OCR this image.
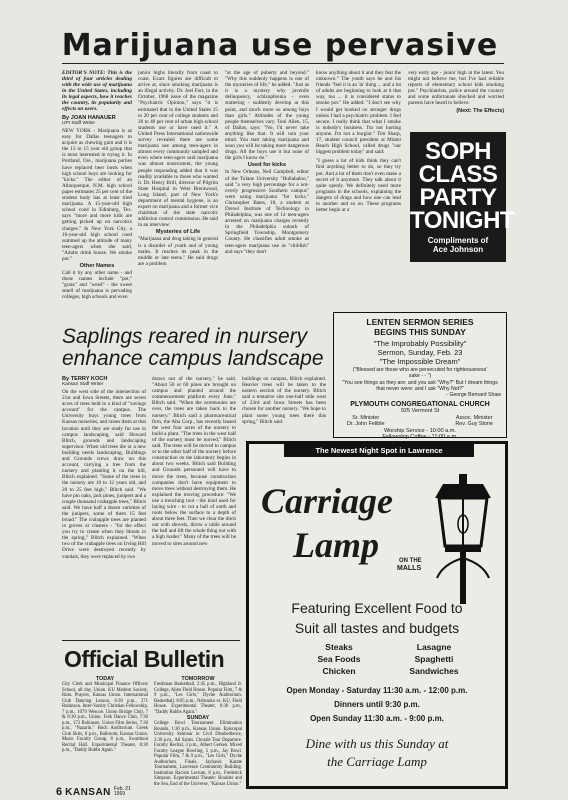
Marijuana use pervasive
EDITOR'S NOTE: This is the third of four articles dealing with the wide use of marijuana in the United States, including its legal aspects, how it reaches the country, its popularity and effects on users.
By JOAN HANAUER
UPI Staff Writer
NEW YORK - Marijuana is as easy for Dallas teenagers to acquire as chewing gum and it is the 13 to 15 year old group that is most interested in trying it. In Portland, Ore., marijuana parties have replaced beer busts when high school boys are looking for "kicks." The editor of an Albuquerque, N.M. high school paper estimates 25 per cent of the student body has at least tried marijuana. A 15-year-old high school coed in Edinburg, Tex. says "more and more kids are getting picked up on narcotics charges." In New York City, a 16-year-old high school coed summed up the attitude of many teen-agers when she said, "Adults drink booze. We smoke pot."
Other Names
Call it by any other name - and those names include "pot," "grass" and "weed" - the sweet smell of marijuana is pervading colleges, high schools and even
junior highs literally from coast to coast. Exact figures are difficult to arrive at, since smoking marijuana is an illegal activity. Dr. Joel Fort, in the October, 1968 issue of the magazine "Psychiatric Opinion," says "it is estimated that in the United States 15 to 20 per cent of college students and 20 to 40 per cent of urban high school students use or have used it." A United Press International nationwide survey revealed there are some marijuana use among teen-agers in almost every community sampled and even where teen-agers said marijuana was almost nonexistent, the young people responding added that it was readily available to those who wanted it. Dr. Henry Brill, director of Pilgrim State Hospital in West Brentwood, Long Island, part of New York's department of mental hygiene, is an expert on marijuana and a former vice chairman of the state narcotic addiction control commission. He said in an interview:
Mysteries of Life
"Marijuana and drug taking in general is a disorder of youth and of young males. It reaches its peak in the middle or late teens." He said drugs are a problem
"at the age of puberty and beyond." "Why this suddenly happens is one of the mysteries of life," he added. "Just as it is a mystery why juvenile delinquency, schizophrenia - even stuttering - suddenly develop at this point, and much more so among boys than girls." Attitudes of the young people themselves vary. Toni Allen, 15, of Dallas, says: "No, I'd never take anything like that. It will ruin your mind. You start taking marijuana and soon you will be taking more dangerous drugs. All the boys use it but none of the girls I know do."
Used for kicks
In New Orleans, Neil Campbell, editor of the Tulane University "Hullabaloo," said "a very high percentage for a not-overly progressive Southern campus" were using marijuana "for kicks." Christopher Bates, 18, a student at Drexel Institute of Technology in Philadelphia, was one of 14 teen-agers arrested on marijuana charges recently in the Philadelphia suburb of Springfield Township, Montgomery County. He classifies adult smoke as teen-agers marijuana use as "childish" and says "they don't
know anything about it and they fear the unknown." The youth says he and his friends "feel it is an 'in' thing ... and a lot of adults are beginning to look at it that way, too ... it is considered status to smoke pot." He added: "I don't see why I would get hooked on stronger drugs unless I had a psychiatric problem. I feel secure. I really think that what I smoke is nobody's business. I'm not hurting anyone. I'm not a burglar." Tim Sharp, 17, student council president at Miami Beach High School, called drugs "our biggest problem today" and said:
"I guess a lot of kids think they can't find anything better to do, so they try pot. And a lot of them don't even make a secret of it anymore. They talk about it quite openly. We definitely need more programs in the schools, explaining the dangers of drugs and how one can lead to another and so on. These programs better begin at a
very early age - junior high at the latest. You might not believe me, but I've had reliable reports of elementary school kids smoking pot." Psychiatrists, police around the country and some unfortunate shocked and worried parents have heard to believe.
(Next: The Effects)
SOPH
CLASS
PARTY
TONIGHT
Compliments of
Ace Johnson
Saplings reared in nursery
enhance campus landscape
By TERRY KOCH
Kansan Staff Writer
On the west side of the intersection of 21st and Iowa Streets, there are seven acres of trees held in a kind of "savings account" for the campus. The University buys young trees from Kansas nurseries, and raises them at that location until they are ready for use in campus landscaping, said Howard Blitch, grounds and landscaping supervisor. When old trees die or a new building needs landscaping, Buildings and Grounds crews draw on this account, carrying a tree from the nursery and planting it on the hill, Blitch explained. "Some of the trees in the nursery are 10 to 12 years old, and 20 to 25 feet high," Blitch said. "We have pin oaks, jack pines, junipers and a couple thousand crabapple trees," Blitch said. We have half a dozen varieties of the junipers, some of them 15 feet broad." The crabapple trees are planted in groves or clusters - "for the effect you try to create when they bloom in the spring," Blitch explained. "When two of the crabapple trees on Irving Hill Drive were destroyed recently by vandals, they were replaced by two
drawn out of the nursery," he said. "About 50 or 60 pines are brought on campus and planted around the commencement platform every June," Blitch said. "When the ceremonies are over, the trees are taken back to the nursery." Blitch said a pharmaceutical firm, the Alta Corp., has recently leased the west four acres of the nursery to build a plant. "The trees in the west half of the nursery must be moved," Blitch said. The trees will be moved to campus or to the other half of the nursery before construction on the laboratory begins in about two weeks. Blitch said Building and Grounds personnel will have to move the trees, because construction companies don't have equipment to move trees without destroying them. He explained the moving procedure: "We use a trenching tool - the kind used for laying wire - to cut a ball of earth and roots below the surface to a depth of about three feet. Then we clear the ditch out with shovels, throw a cable around the ball and lift the whole thing out with a high loader." Many of the trees will be moved to sites around new
buildings on campus, Blitch explained. Heavier trees will be taken to the eastern section of the nursery. Blitch said a tentative site one-half mile west of 23rd and Iowa Streets has been chosen for another nursery. "We hope to plant some young trees there this spring," Blitch said.
LENTEN SERMON SERIES
BEGINS THIS SUNDAY
"The Improbably Possibility"
Sermon, Sunday, Feb. 23
"The Impossible Dream"
("Blessed are those who are persecuted for righteousness' sake - - ")
"You see things as they are: and you ask "Why?" But I dream things that never were: and I ask "Why Not?"
- George Bernard Shaw
PLYMOUTH CONGREGATIONAL CHURCH
925 Vermont St
Sr. Minister
Dr. John Felible
Assoc. Minister
Rev. Guy Stone
Worship Service - 10:00 a.m.
Fellowship Coffee - 11:00 a.m.
The Newest Night Spot in Lawrence
Carriage
Lamp	ON THE
MALLS
Featuring Excellent Food to
Suit all tastes and budgets
Steaks
Sea Foods
Chicken
Lasagne
Spaghetti
Sandwiches
Open Monday - Saturday 11:30 a.m. - 12:00 p.m.
Dinners until 9:30 p.m.
Open Sunday 11:30 a.m. - 9:00 p.m.
Dine with us this Sunday at
the Carriage Lamp
Official Bulletin
TODAY
City Clerk and Municipal Finance Officers School, all day, Union. KU Modern Society, Rom. Prayers, Kansas Union. International Club Dancing Lesson, 6:30 p.m., 271 Robinson. Inter-Varsity Christian Fellowship, 7 p.m., 1079 Wescoe. Union Bridge Club, 7 & 8:30 p.m., Union. Folk Dance Club, 7:30 p.m., 173 Robinson. Union Film Series, 7:30 p.m., "Nazarin," Hoch Auditorium. Greek Club Skits, 8 p.m., Ballroom, Kansas Union. Music Faculty Group, 8 p.m., Swarthout Recital Hall. Experimental Theater, 8:30 p.m., "Daddy Rubbs Again."
TOMORROW
Freshman Basketball, 2:45 p.m., Highland Jr. College, Allen Field House. Popular Film, 7 & 9 p.m., "Les Girls," Dyche Auditorium. Basketball, 8:05 p.m., Nebraska vs. KU, Field House. Experimental Theater, 8:30 p.m., "Daddy Rubbs Again."
SUNDAY
College Bowl Tournament Elimination Rounds, 1:30 p.m., Kansas Union. Episcopal University Seminar in Civil Disobedience, 2:30 p.m., All Saints. Chorale Tour Departure. Faculty Recital, 3 p.m., Albert Gerken. Mixed Faculty League Bowling, 5 p.m., Jay Bowl. Popular Film, 7 & 9 p.m., "Les Girls," Dyche Auditorium. Finals, Jayhawk Karate Tournament, Lawrence Community Building. Institution Racism Lecture, 8 p.m., Frederick Simpson. Experimental Theater: Boulder and the Sea, End of the Universe, "Kansas Union."
6 KANSAN Feb. 21
1969
